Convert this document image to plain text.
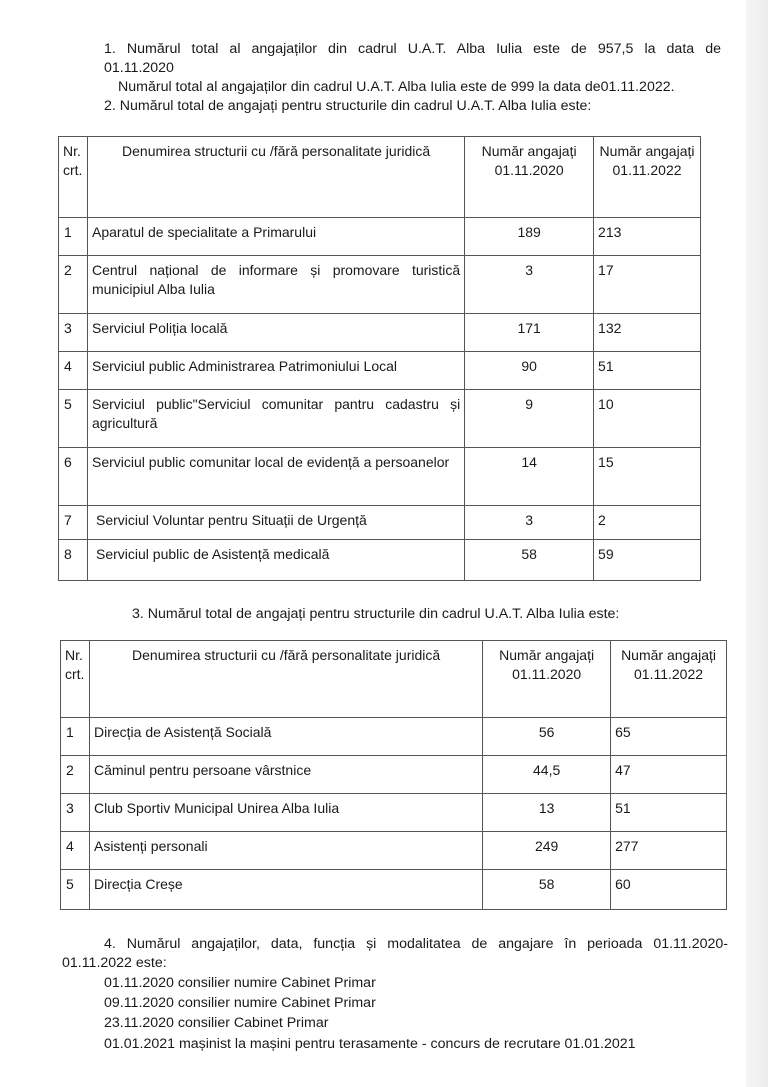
1. Numărul total al angajaților din cadrul U.A.T. Alba Iulia este de 957,5 la data de
01.11.2020
Numărul total al angajaților din cadrul U.A.T. Alba Iulia este de 999 la data de01.11.2022.
2. Numărul total de angajați pentru structurile din cadrul U.A.T. Alba Iulia este:
Nr. crt.	Denumirea structurii cu /fără personalitate juridică	Număr angajați 01.11.2020	Număr angajați 01.11.2022
1	Aparatul de specialitate a Primarului	189	213
2	Centrul național de informare și promovare turistică municipiul Alba Iulia	3	17
3	Serviciul Poliția locală	171	132
4	Serviciul public Administrarea Patrimoniului Local	90	51
5	Serviciul public"Serviciul comunitar pantru cadastru și agricultură	9	10
6	Serviciul public comunitar local de evidență a persoanelor	14	15
7	Serviciul Voluntar pentru Situații de Urgență	3	2
8	Serviciul public de Asistență medicală	58	59
3. Numărul total de angajați pentru structurile din cadrul U.A.T. Alba Iulia este:
Nr. crt.	Denumirea structurii cu /fără personalitate juridică	Număr angajați 01.11.2020	Număr angajați 01.11.2022
1	Direcția de Asistență Socială	56	65
2	Căminul pentru persoane vârstnice	44,5	47
3	Club Sportiv Municipal Unirea Alba Iulia	13	51
4	Asistenți personali	249	277
5	Direcția Creșe	58	60
4. Numărul angajaților, data, funcția și modalitatea de angajare în perioada 01.11.2020-
01.11.2022 este:
01.11.2020 consilier numire Cabinet Primar
09.11.2020 consilier numire Cabinet Primar
23.11.2020 consilier Cabinet Primar
01.01.2021 mașinist la mașini pentru terasamente - concurs de recrutare 01.01.2021
